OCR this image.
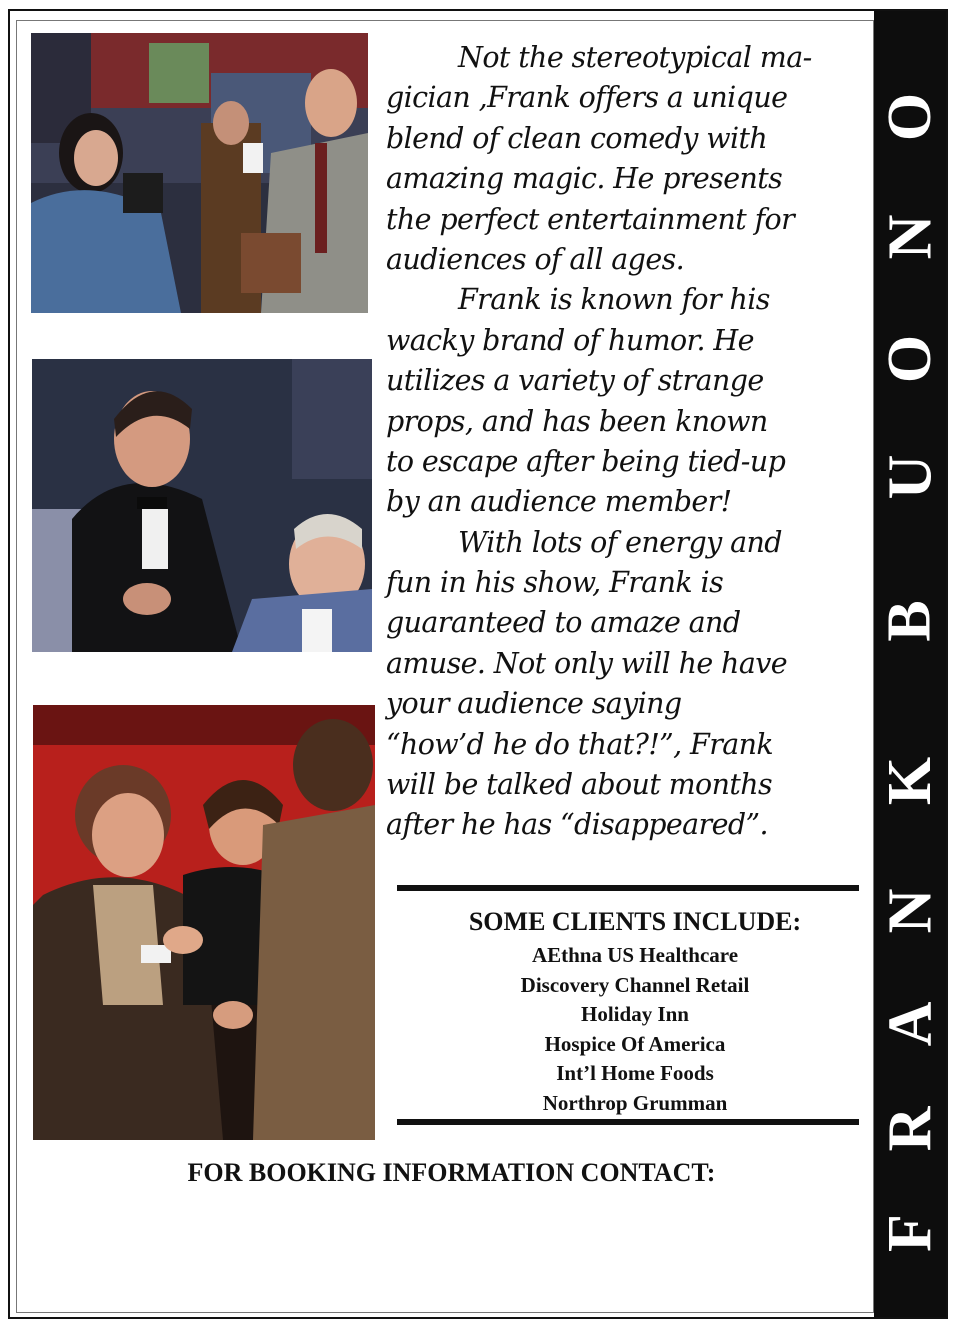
F
R
A
N
K
B
U
O
N
O
Not the stereotypical ma-
gician ,Frank offers a unique
blend of clean comedy with
amazing magic. He presents
the perfect entertainment for
audiences of all ages.
Frank is known for his
wacky brand of humor. He
utilizes a variety of strange
props, and has been known
to escape after being tied-up
by an audience member!
With lots of energy and
fun in his show, Frank is
guaranteed to amaze and
amuse. Not only will he have
your audience saying
“how’d he do that?!”, Frank
will be talked about months
after he has “disappeared”.

SOME CLIENTS INCLUDE:

AEthna US Healthcare

Discovery Channel Retail

Holiday Inn

Hospice Of America

Int’l Home Foods

Northrop Grumman

FOR BOOKING INFORMATION CONTACT:
